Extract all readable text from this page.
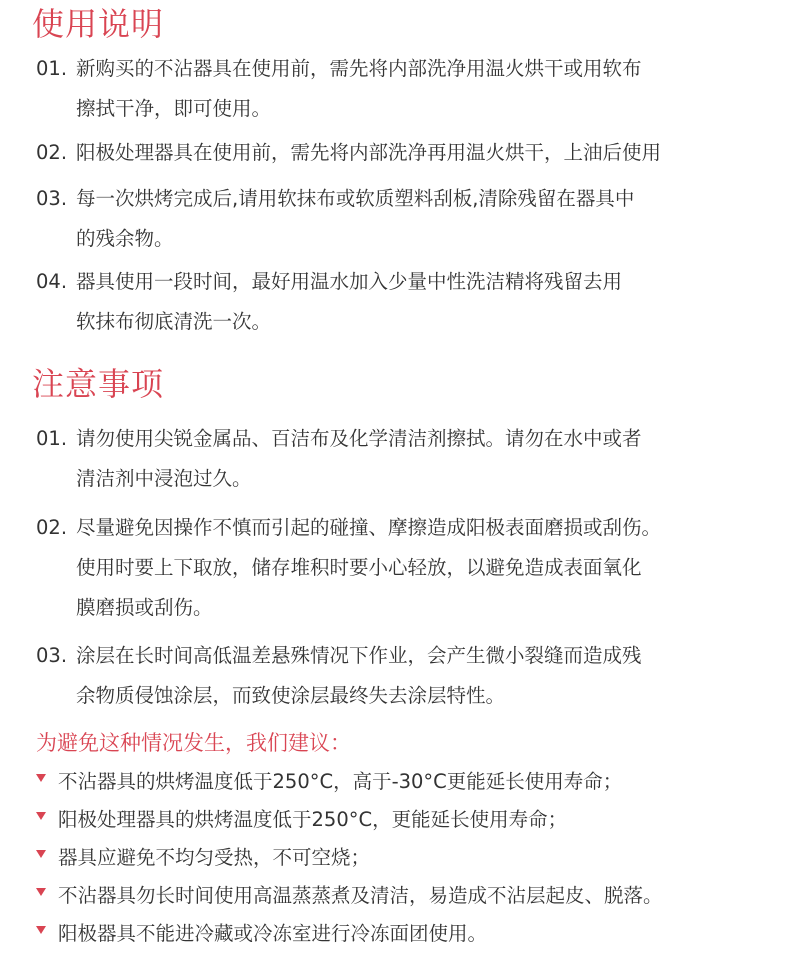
使用说明
01. 新购买的不沾器具在使用前，需先将内部洗净用温火烘干或用软布
擦拭干净，即可使用。
02. 阳极处理器具在使用前，需先将内部洗净再用温火烘干，上油后使用
03. 每一次烘烤完成后,请用软抹布或软质塑料刮板,清除残留在器具中
的残余物。
04. 器具使用一段时间，最好用温水加入少量中性洗洁精将残留去用
软抹布彻底清洗一次。
注意事项
01. 请勿使用尖锐金属品、百洁布及化学清洁剂擦拭。请勿在水中或者
清洁剂中浸泡过久。
02. 尽量避免因操作不慎而引起的碰撞、摩擦造成阳极表面磨损或刮伤。
使用时要上下取放，储存堆积时要小心轻放，以避免造成表面氧化
膜磨损或刮伤。
03. 涂层在长时间高低温差悬殊情况下作业，会产生微小裂缝而造成残
余物质侵蚀涂层，而致使涂层最终失去涂层特性。
为避免这种情况发生，我们建议：
不沾器具的烘烤温度低于250°C，高于-30°C更能延长使用寿命；
阳极处理器具的烘烤温度低于250°C，更能延长使用寿命；
器具应避免不均匀受热，不可空烧；
不沾器具勿长时间使用高温蒸蒸煮及清洁，易造成不沾层起皮、脱落。
阳极器具不能进冷藏或冷冻室进行冷冻面团使用。
